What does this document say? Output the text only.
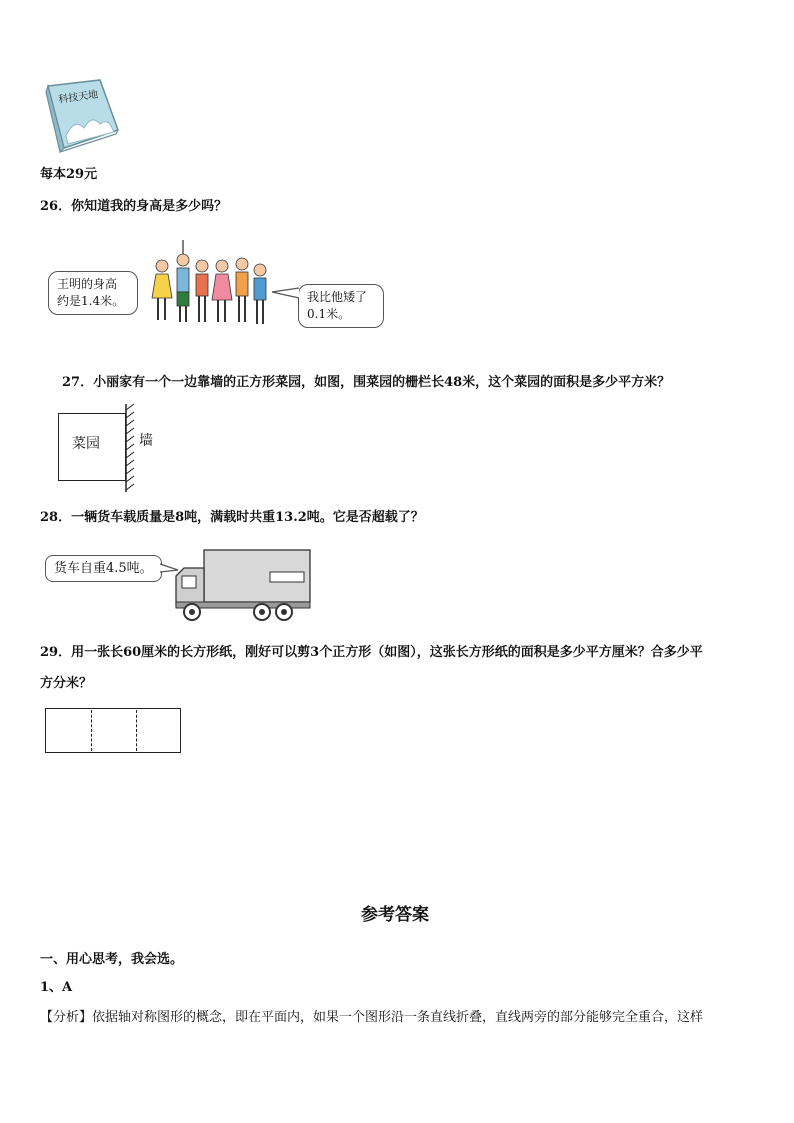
科技天地
每本29元
26．你知道我的身高是多少吗？
王明的身高
约是1.4米。	我比他矮了
0.1米。
27．小丽家有一个一边靠墙的正方形菜园，如图，围菜园的栅栏长48米，这个菜园的面积是多少平方米？
菜园	墙
28．一辆货车载质量是8吨，满载时共重13.2吨。它是否超载了？
货车自重4.5吨。
29．用一张长60厘米的长方形纸，刚好可以剪3个正方形（如图），这张长方形纸的面积是多少平方厘米？合多少平
方分米？
参考答案
一、用心思考，我会选。
1、A
【分析】依据轴对称图形的概念，即在平面内，如果一个图形沿一条直线折叠，直线两旁的部分能够完全重合，这样
